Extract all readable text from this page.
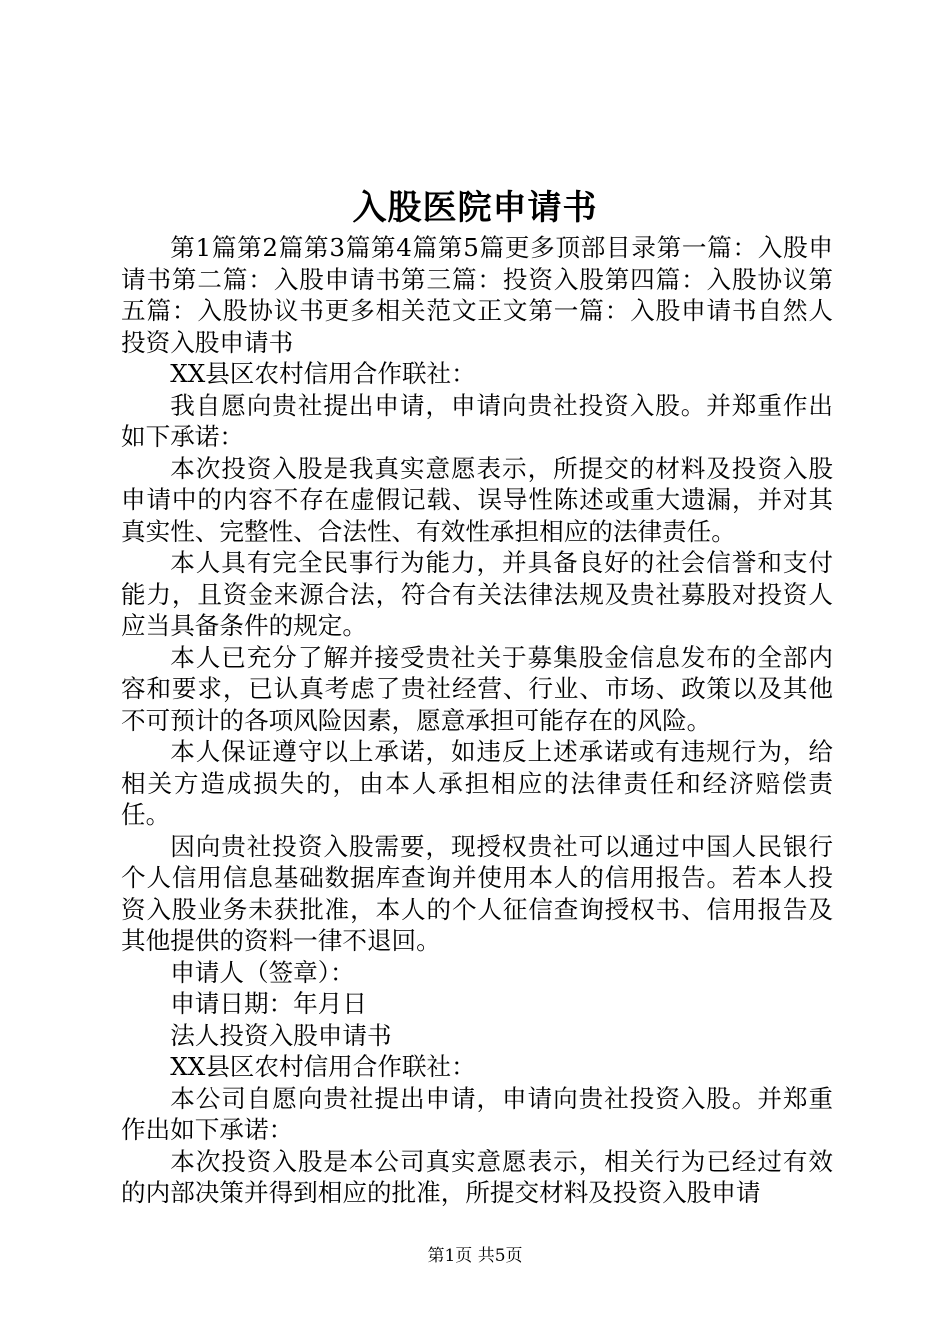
入股医院申请书

第1篇第2篇第3篇第4篇第5篇更多顶部目录第一篇：入股申请书第二篇：入股申请书第三篇：投资入股第四篇：入股协议第五篇：入股协议书更多相关范文正文第一篇：入股申请书自然人投资入股申请书

XX县区农村信用合作联社：

我自愿向贵社提出申请，申请向贵社投资入股。并郑重作出如下承诺：

本次投资入股是我真实意愿表示，所提交的材料及投资入股申请中的内容不存在虚假记载、误导性陈述或重大遗漏，并对其真实性、完整性、合法性、有效性承担相应的法律责任。

本人具有完全民事行为能力，并具备良好的社会信誉和支付能力，且资金来源合法，符合有关法律法规及贵社募股对投资人应当具备条件的规定。

本人已充分了解并接受贵社关于募集股金信息发布的全部内容和要求，已认真考虑了贵社经营、行业、市场、政策以及其他不可预计的各项风险因素，愿意承担可能存在的风险。

本人保证遵守以上承诺，如违反上述承诺或有违规行为，给相关方造成损失的，由本人承担相应的法律责任和经济赔偿责任。

因向贵社投资入股需要，现授权贵社可以通过中国人民银行个人信用信息基础数据库查询并使用本人的信用报告。若本人投资入股业务未获批准，本人的个人征信查询授权书、信用报告及其他提供的资料一律不退回。

申请人（签章）：

申请日期：年月日

法人投资入股申请书

XX县区农村信用合作联社：

本公司自愿向贵社提出申请，申请向贵社投资入股。并郑重作出如下承诺：

本次投资入股是本公司真实意愿表示，相关行为已经过有效的内部决策并得到相应的批准，所提交材料及投资入股申请

第1页 共5页
